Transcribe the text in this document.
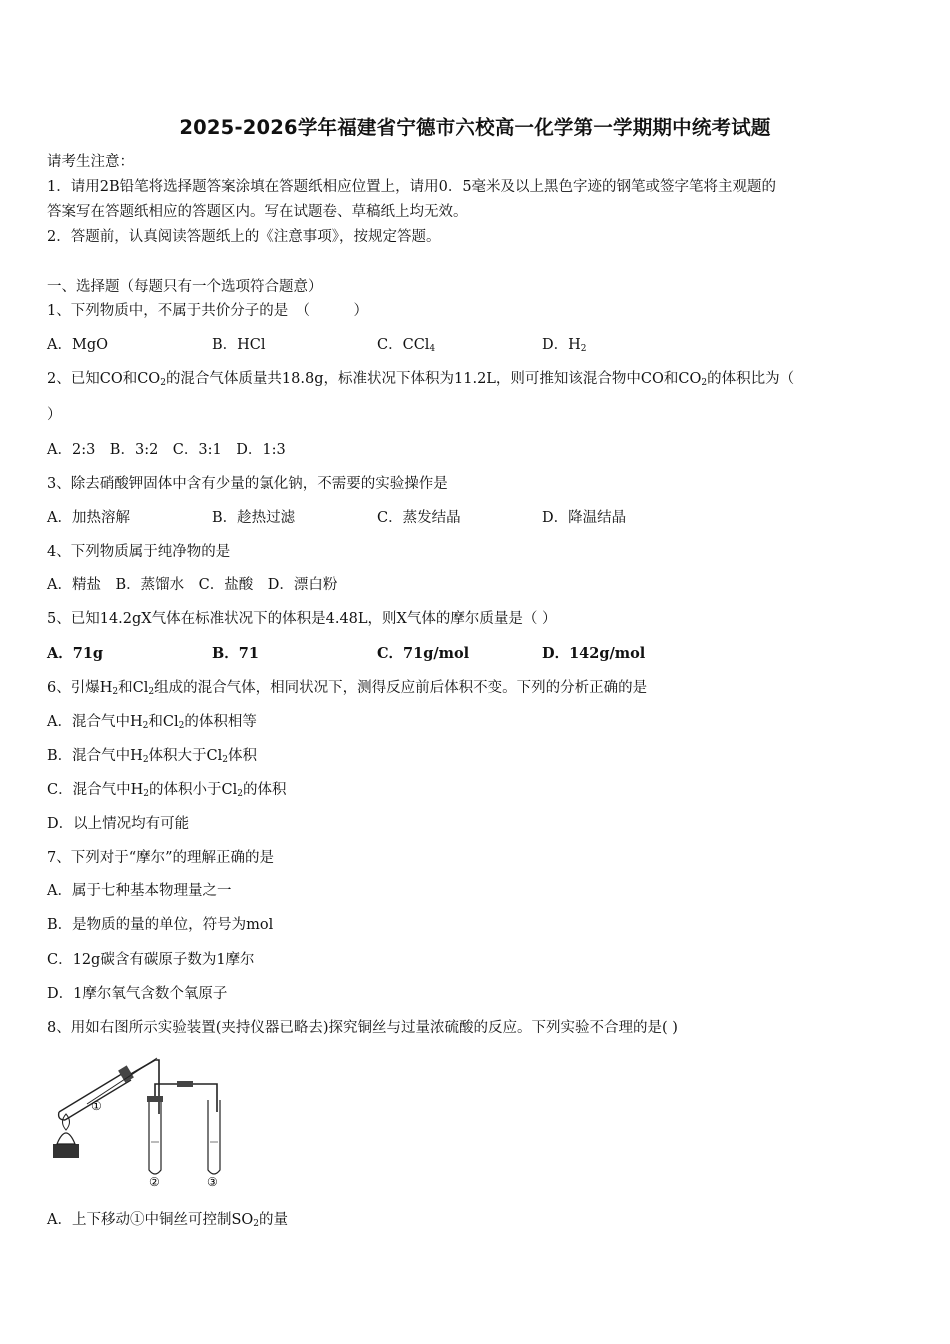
2025-2026学年福建省宁德市六校高一化学第一学期期中统考试题
请考生注意：
1．请用2B铅笔将选择题答案涂填在答题纸相应位置上，请用0．5毫米及以上黑色字迹的钢笔或签字笔将主观题的
答案写在答题纸相应的答题区内。写在试题卷、草稿纸上均无效。
2．答题前，认真阅读答题纸上的《注意事项》，按规定答题。
一、选择题（每题只有一个选项符合题意）
1、下列物质中，不属于共价分子的是　（　　　）
A．MgO	B．HCl	C．CCl$_4$	D．$H_2$
2、已知CO和$CO_2$的混合气体质量共18.8g，标准状况下体积为11.2L，则可推知该混合物中CO和$CO_2$的体积比为（
）
A．2:3　B．3:2　C．3:1　D．1:3
3、除去硝酸钾固体中含有少量的氯化钠，不需要的实验操作是
A．加热溶解	B．趁热过滤	C．蒸发结晶	D．降温结晶
4、下列物质属于纯净物的是
A．精盐　B．蒸馏水　C．盐酸　D．漂白粉
5、已知14.2gX气体在标准状况下的体积是4.48L，则X气体的摩尔质量是（ ）
A．71g	B．71	C．71g/mol	D．142g/mol
6、引爆$H_2$和$Cl_2$组成的混合气体，相同状况下，测得反应前后体积不变。下列的分析正确的是
A．混合气中$H_2$和$Cl_2$的体积相等
B．混合气中$H_2$体积大于$Cl_2$体积
C．混合气中$H_2$的体积小于$Cl_2$的体积
D．以上情况均有可能
7、下列对于“摩尔”的理解正确的是
A．属于七种基本物理量之一
B．是物质的量的单位，符号为mol
C．12g碳含有碳原子数为1摩尔
D．1摩尔氧气含数个氧原子
8、用如右图所示实验装置(夹持仪器已略去)探究铜丝与过量浓硫酸的反应。下列实验不合理的是( )
①
②	③
A．上下移动①中铜丝可控制$SO_2$的量
